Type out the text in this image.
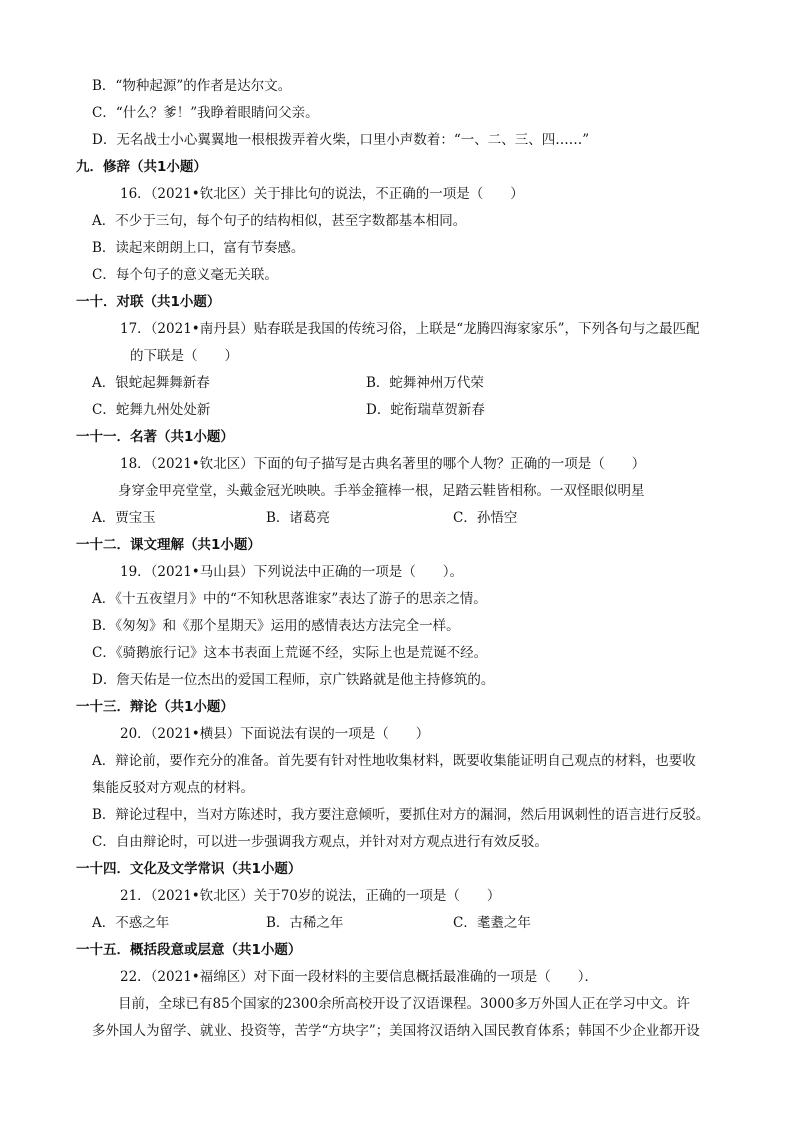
B．“物种起源”的作者是达尔文。
C．“什么？爹！”我睁着眼睛问父亲。
D．无名战士小心翼翼地一根根拨弄着火柴，口里小声数着：“一、二、三、四……”
九．修辞（共1小题）
16．（2021•钦北区）关于排比句的说法，不正确的一项是（　　）
A．不少于三句，每个句子的结构相似，甚至字数都基本相同。
B．读起来朗朗上口，富有节奏感。
C．每个句子的意义毫无关联。
一十．对联（共1小题）
17．（2021•南丹县）贴春联是我国的传统习俗，上联是“龙腾四海家家乐”，下列各句与之最匹配
的下联是（　　）
A．银蛇起舞舞新春	B．蛇舞神州万代荣
C．蛇舞九州处处新	D．蛇衔瑞草贺新春
一十一．名著（共1小题）
18．（2021•钦北区）下面的句子描写是古典名著里的哪个人物？正确的一项是（　　）
身穿金甲亮堂堂，头戴金冠光映映。手举金箍棒一根，足踏云鞋皆相称。一双怪眼似明星
A．贾宝玉	B．诸葛亮	C．孙悟空
一十二．课文理解（共1小题）
19．（2021•马山县）下列说法中正确的一项是（　　）。
A．《十五夜望月》中的“不知秋思落谁家”表达了游子的思亲之情。
B．《匆匆》和《那个星期天》运用的感情表达方法完全一样。
C．《骑鹅旅行记》这本书表面上荒诞不经，实际上也是荒诞不经。
D．詹天佑是一位杰出的爱国工程师，京广铁路就是他主持修筑的。
一十三．辩论（共1小题）
20．（2021•横县）下面说法有误的一项是（　　）
A．辩论前，要作充分的准备。首先要有针对性地收集材料，既要收集能证明自己观点的材料，也要收
集能反驳对方观点的材料。
B．辩论过程中，当对方陈述时，我方要注意倾听，要抓住对方的漏洞，然后用讽刺性的语言进行反驳。
C．自由辩论时，可以进一步强调我方观点，并针对对方观点进行有效反驳。
一十四．文化及文学常识（共1小题）
21．（2021•钦北区）关于70岁的说法，正确的一项是（　　）
A．不惑之年	B．古稀之年	C．耄耋之年
一十五．概括段意或层意（共1小题）
22．（2021•福绵区）对下面一段材料的主要信息概括最准确的一项是（　　）．
目前，全球已有85个国家的2300余所高校开设了汉语课程。3000多万外国人正在学习中文。许
多外国人为留学、就业、投资等，苦学“方块字”；美国将汉语纳入国民教育体系；韩国不少企业都开设
